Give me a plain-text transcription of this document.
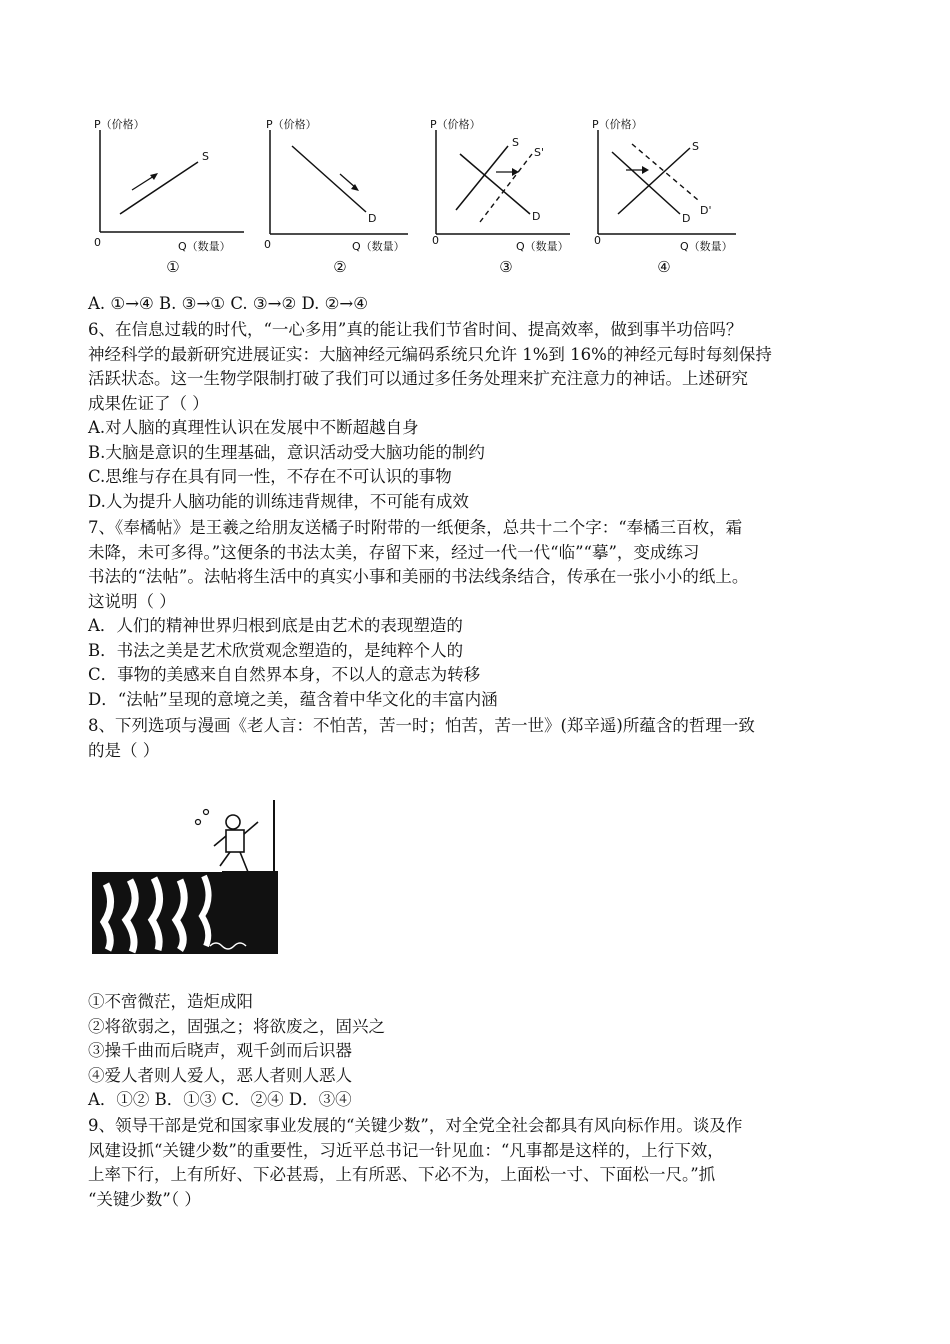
P（价格）
Q（数量）
0
S
①
P（价格）
Q（数量）
0
D
②
P（价格）
Q（数量）
0
S
S'
D
③
P（价格）
Q（数量）
0
S
D
D'
④
A. ①→④ B. ③→① C. ③→② D. ②→④
6、在信息过载的时代，“一心多用”真的能让我们节省时间、提高效率，做到事半功倍吗？
神经科学的最新研究进展证实：大脑神经元编码系统只允许 1%到 16%的神经元每时每刻保持
活跃状态。这一生物学限制打破了我们可以通过多任务处理来扩充注意力的神话。上述研究
成果佐证了（ ）
A.对人脑的真理性认识在发展中不断超越自身
B.大脑是意识的生理基础，意识活动受大脑功能的制约
C.思维与存在具有同一性，不存在不可认识的事物
D.人为提升人脑功能的训练违背规律，不可能有成效
7、《奉橘帖》是王羲之给朋友送橘子时附带的一纸便条，总共十二个字：“奉橘三百枚，霜
未降，未可多得。”这便条的书法太美，存留下来，经过一代一代“临”“摹”，变成练习
书法的“法帖”。法帖将生活中的真实小事和美丽的书法线条结合，传承在一张小小的纸上。
这说明（ ）
A．人们的精神世界归根到底是由艺术的表现塑造的
B．书法之美是艺术欣赏观念塑造的，是纯粹个人的
C．事物的美感来自自然界本身，不以人的意志为转移
D．“法帖”呈现的意境之美，蕴含着中华文化的丰富内涵
8、下列选项与漫画《老人言：不怕苦，苦一时；怕苦，苦一世》(郑辛遥)所蕴含的哲理一致
的是（ ）
①不啻微茫，造炬成阳
②将欲弱之，固强之；将欲废之，固兴之
③操千曲而后晓声，观千剑而后识器
④爱人者则人爱人，恶人者则人恶人
A．①② B．①③ C．②④ D．③④
9、领导干部是党和国家事业发展的“关键少数”，对全党全社会都具有风向标作用。谈及作
风建设抓“关键少数”的重要性，习近平总书记一针见血：“凡事都是这样的，上行下效，
上率下行，上有所好、下必甚焉，上有所恶、下必不为，上面松一寸、下面松一尺。”抓
“关键少数”（ ）
